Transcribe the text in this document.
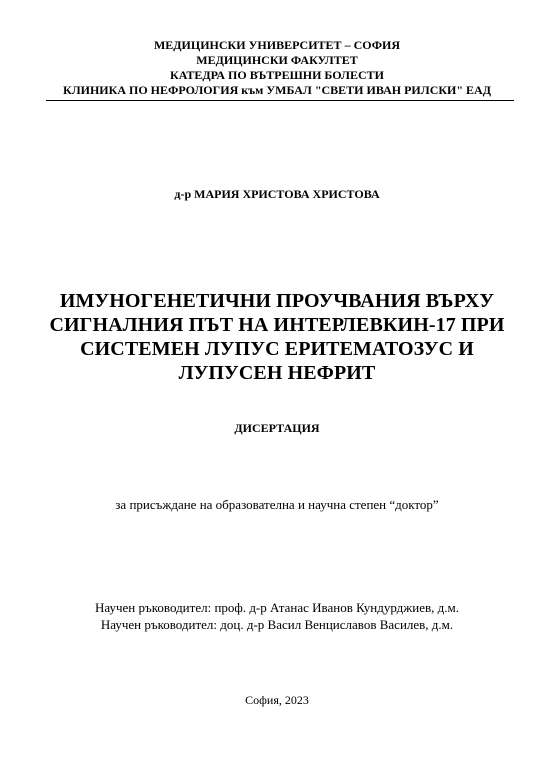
МЕДИЦИНСКИ УНИВЕРСИТЕТ – СОФИЯ
МЕДИЦИНСКИ ФАКУЛТЕТ
КАТЕДРА ПО ВЪТРЕШНИ БОЛЕСТИ
КЛИНИКА ПО НЕФРОЛОГИЯ към УМБАЛ "СВЕТИ ИВАН РИЛСКИ" ЕАД
д-р МАРИЯ ХРИСТОВА ХРИСТОВА
ИМУНОГЕНЕТИЧНИ ПРОУЧВАНИЯ ВЪРХУ
СИГНАЛНИЯ ПЪТ НА ИНТЕРЛЕВКИН-17 ПРИ
СИСТЕМЕН ЛУПУС ЕРИТЕМАТОЗУС И
ЛУПУСЕН НЕФРИТ
ДИСЕРТАЦИЯ
за присъждане на образователна и научна степен “доктор”
Научен ръководител: проф. д-р Атанас Иванов Кундурджиев, д.м.
Научен ръководител: доц. д-р Васил Венциславов Василев, д.м.
София, 2023
